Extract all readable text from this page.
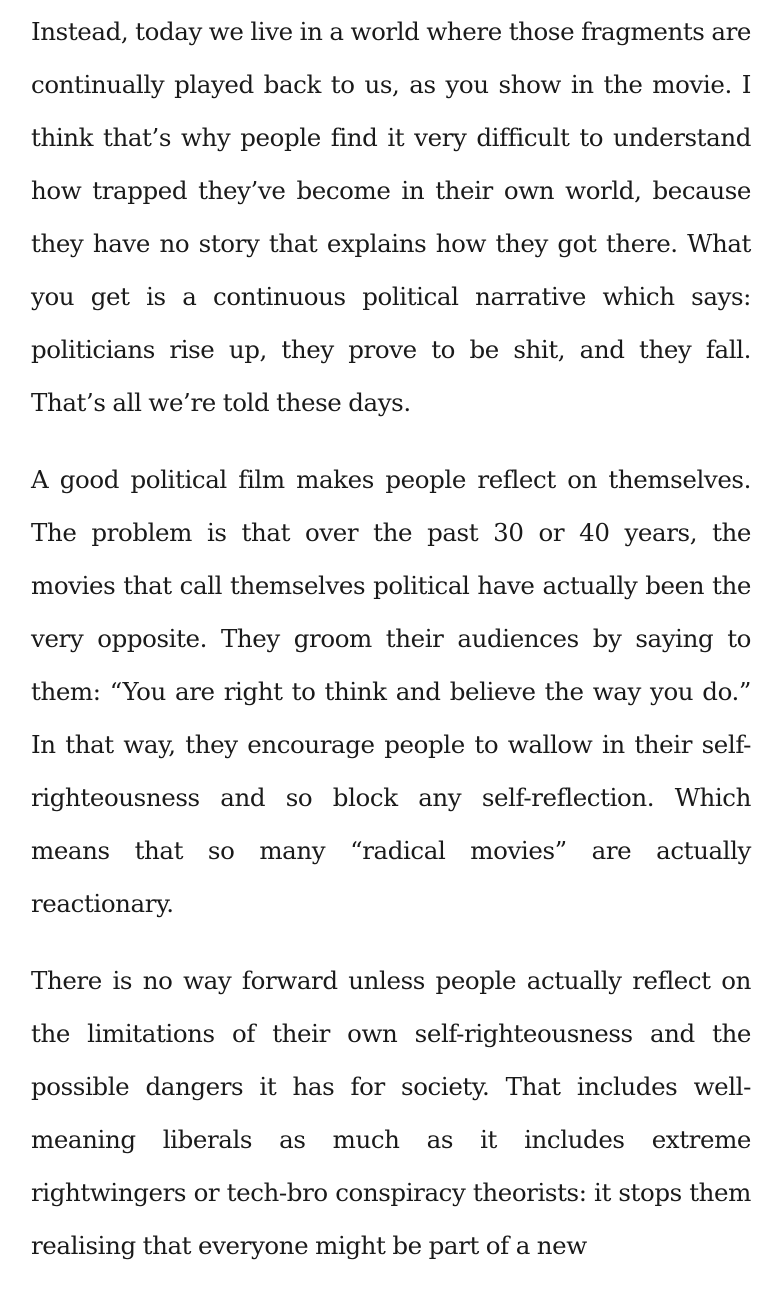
Instead, today we live in a world where those fragments are continually played back to us, as you show in the movie. I think that’s why people find it very difficult to understand how trapped they’ve become in their own world, because they have no story that explains how they got there. What you get is a continuous political narrative which says: politicians rise up, they prove to be shit, and they fall. That’s all we’re told these days.

A good political film makes people reflect on themselves. The problem is that over the past 30 or 40 years, the movies that call themselves political have actually been the very opposite. They groom their audiences by saying to them: “You are right to think and believe the way you do.” In that way, they encourage people to wallow in their self-righteousness and so block any self-reflection. Which means that so many “radical movies” are actually reactionary.

There is no way forward unless people actually reflect on the limitations of their own self-righteousness and the possible dangers it has for society. That includes well-meaning liberals as much as it includes extreme rightwingers or tech-bro conspiracy theorists: it stops them realising that everyone might be part of a new
